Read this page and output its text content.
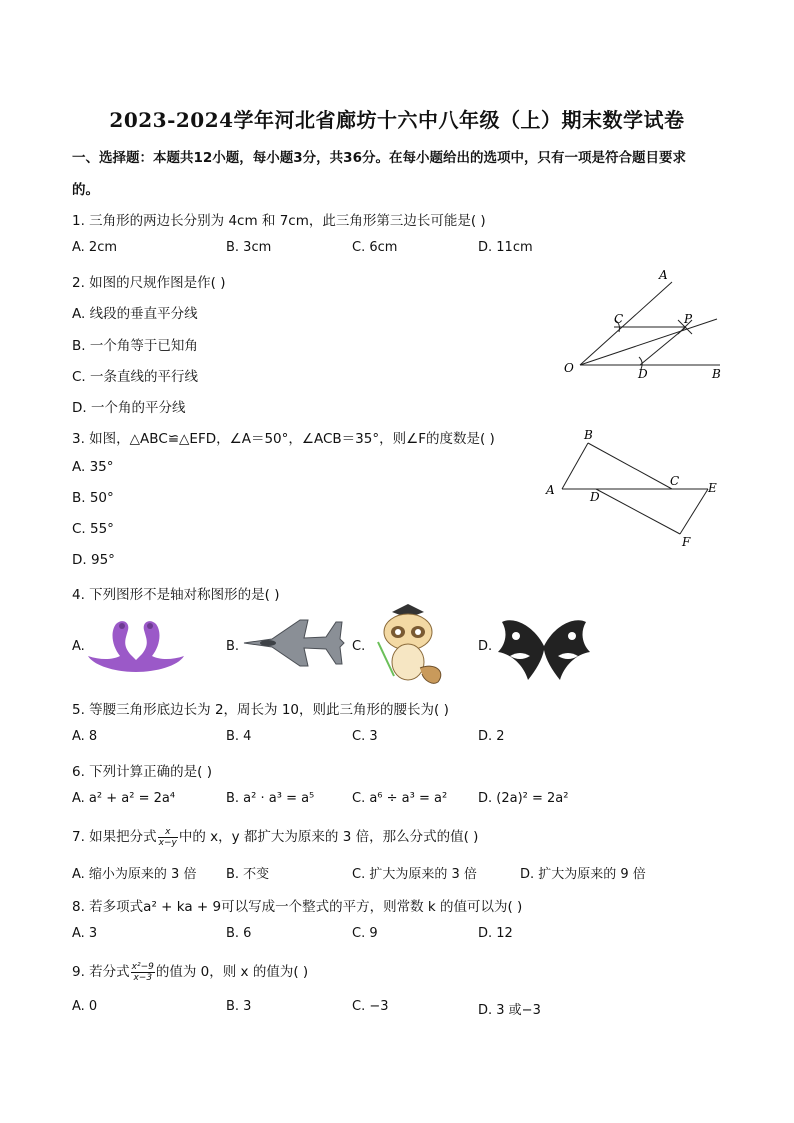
2023-2024学年河北省廊坊十六中八年级（上）期末数学试卷
一、选择题：本题共12小题，每小题3分，共36分。在每小题给出的选项中，只有一项是符合题目要求
的。
1. 三角形的两边长分别为 4cm 和 7cm，此三角形第三边长可能是( )
A. 2cm	B. 3cm	C. 6cm	D. 11cm
2. 如图的尺规作图是作( )
A. 线段的垂直平分线
B. 一个角等于已知角
C. 一条直线的平行线
D. 一个角的平分线
A
C	P
O	D	B
3. 如图，△ABC≌△EFD，∠A＝50°，∠ACB＝35°，则∠F的度数是( )
A. 35°
B. 50°
C. 55°
D. 95°
B
A	D
C E
F
4. 下列图形不是轴对称图形的是( )
A.	B.	C.	D.
5. 等腰三角形底边长为 2，周长为 10，则此三角形的腰长为( )
A. 8	B. 4	C. 3	D. 2
6. 下列计算正确的是( )
A. a² + a² = 2a⁴	B. a² · a³ = a⁵	C. a⁶ ÷ a³ = a² D. (2a)² = 2a²
7. 如果把分式 $\frac{x}{x-y}$ 中的 x，y 都扩大为原来的 3 倍，那么分式的值( )
A. 缩小为原来的 3 倍 B. 不变	C. 扩大为原来的 3 倍	D. 扩大为原来的 9 倍
8. 若多项式a² + ka + 9可以写成一个整式的平方，则常数 k 的值可以为( )
A. 3	B. 6	C. 9	D. 12
9. 若分式 $\frac{\text{x²−9}}{x-3}$ 的值为 0，则 x 的值为( )
A. 0	B. 3	C. −3	D. 3 或−3
